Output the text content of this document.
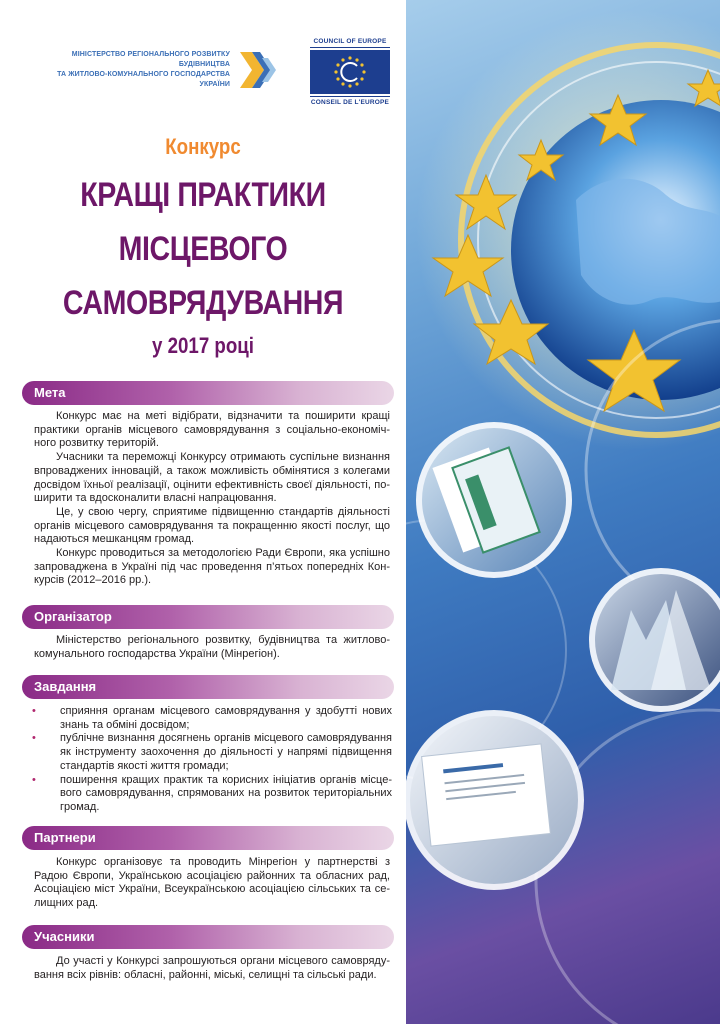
МІНІСТЕРСТВО РЕГІОНАЛЬНОГО РОЗВИТКУ
БУДІВНИЦТВА
ТА ЖИТЛОВО-КОМУНАЛЬНОГО ГОСПОДАРСТВА
УКРАЇНИ
COUNCIL OF EUROPE
CONSEIL DE L'EUROPE
Конкурс
КРАЩІ ПРАКТИКИ
МІСЦЕВОГО
САМОВРЯДУВАННЯ
у 2017 році
Мета

Конкурс має на меті відібрати, відзначити та поширити кращі практики органів місцевого самоврядування з соціально-економічного розвитку територій.

Учасники та переможці Конкурсу отримають суспільне визнання впроваджених інновацій, а також можливість обмінятися з колегами досвідом їхньої реалізації, оцінити ефективність своєї діяльності, поширити та вдосконалити власні напрацювання.

Це, у свою чергу, сприятиме підвищенню стандартів діяльності органів місцевого самоврядування та покращенню якості послуг, що надаються мешканцям громад.

Конкурс проводиться за методологією Ради Європи, яка успішно запроваджена в Україні під час проведення п’ятьох попередніх Конкурсів (2012–2016 рр.).

Організатор

Міністерство регіонального розвитку, будівництва та житлово-комунального господарства України (Мінрегіон).

Завдання
• сприяння органам місцевого самоврядування у здобутті нових знань та обміні досвідом;
• публічне визнання досягнень органів місцевого самоврядування як інструменту заохочення до діяльності у напрямі підвищення стандартів якості життя громади;
• поширення кращих практик та корисних ініціатив органів місцевого самоврядування, спрямованих на розвиток територіальних громад.
Партнери

Конкурс організовує та проводить Мінрегіон у партнерстві з Радою Європи, Українською асоціацією районних та обласних рад, Асоціацією міст України, Всеукраїнською асоціацією сільських та селищних рад.

Учасники

До участі у Конкурсі запрошуються органи місцевого самоврядування всіх рівнів: обласні, районні, міські, селищні та сільські ради.
